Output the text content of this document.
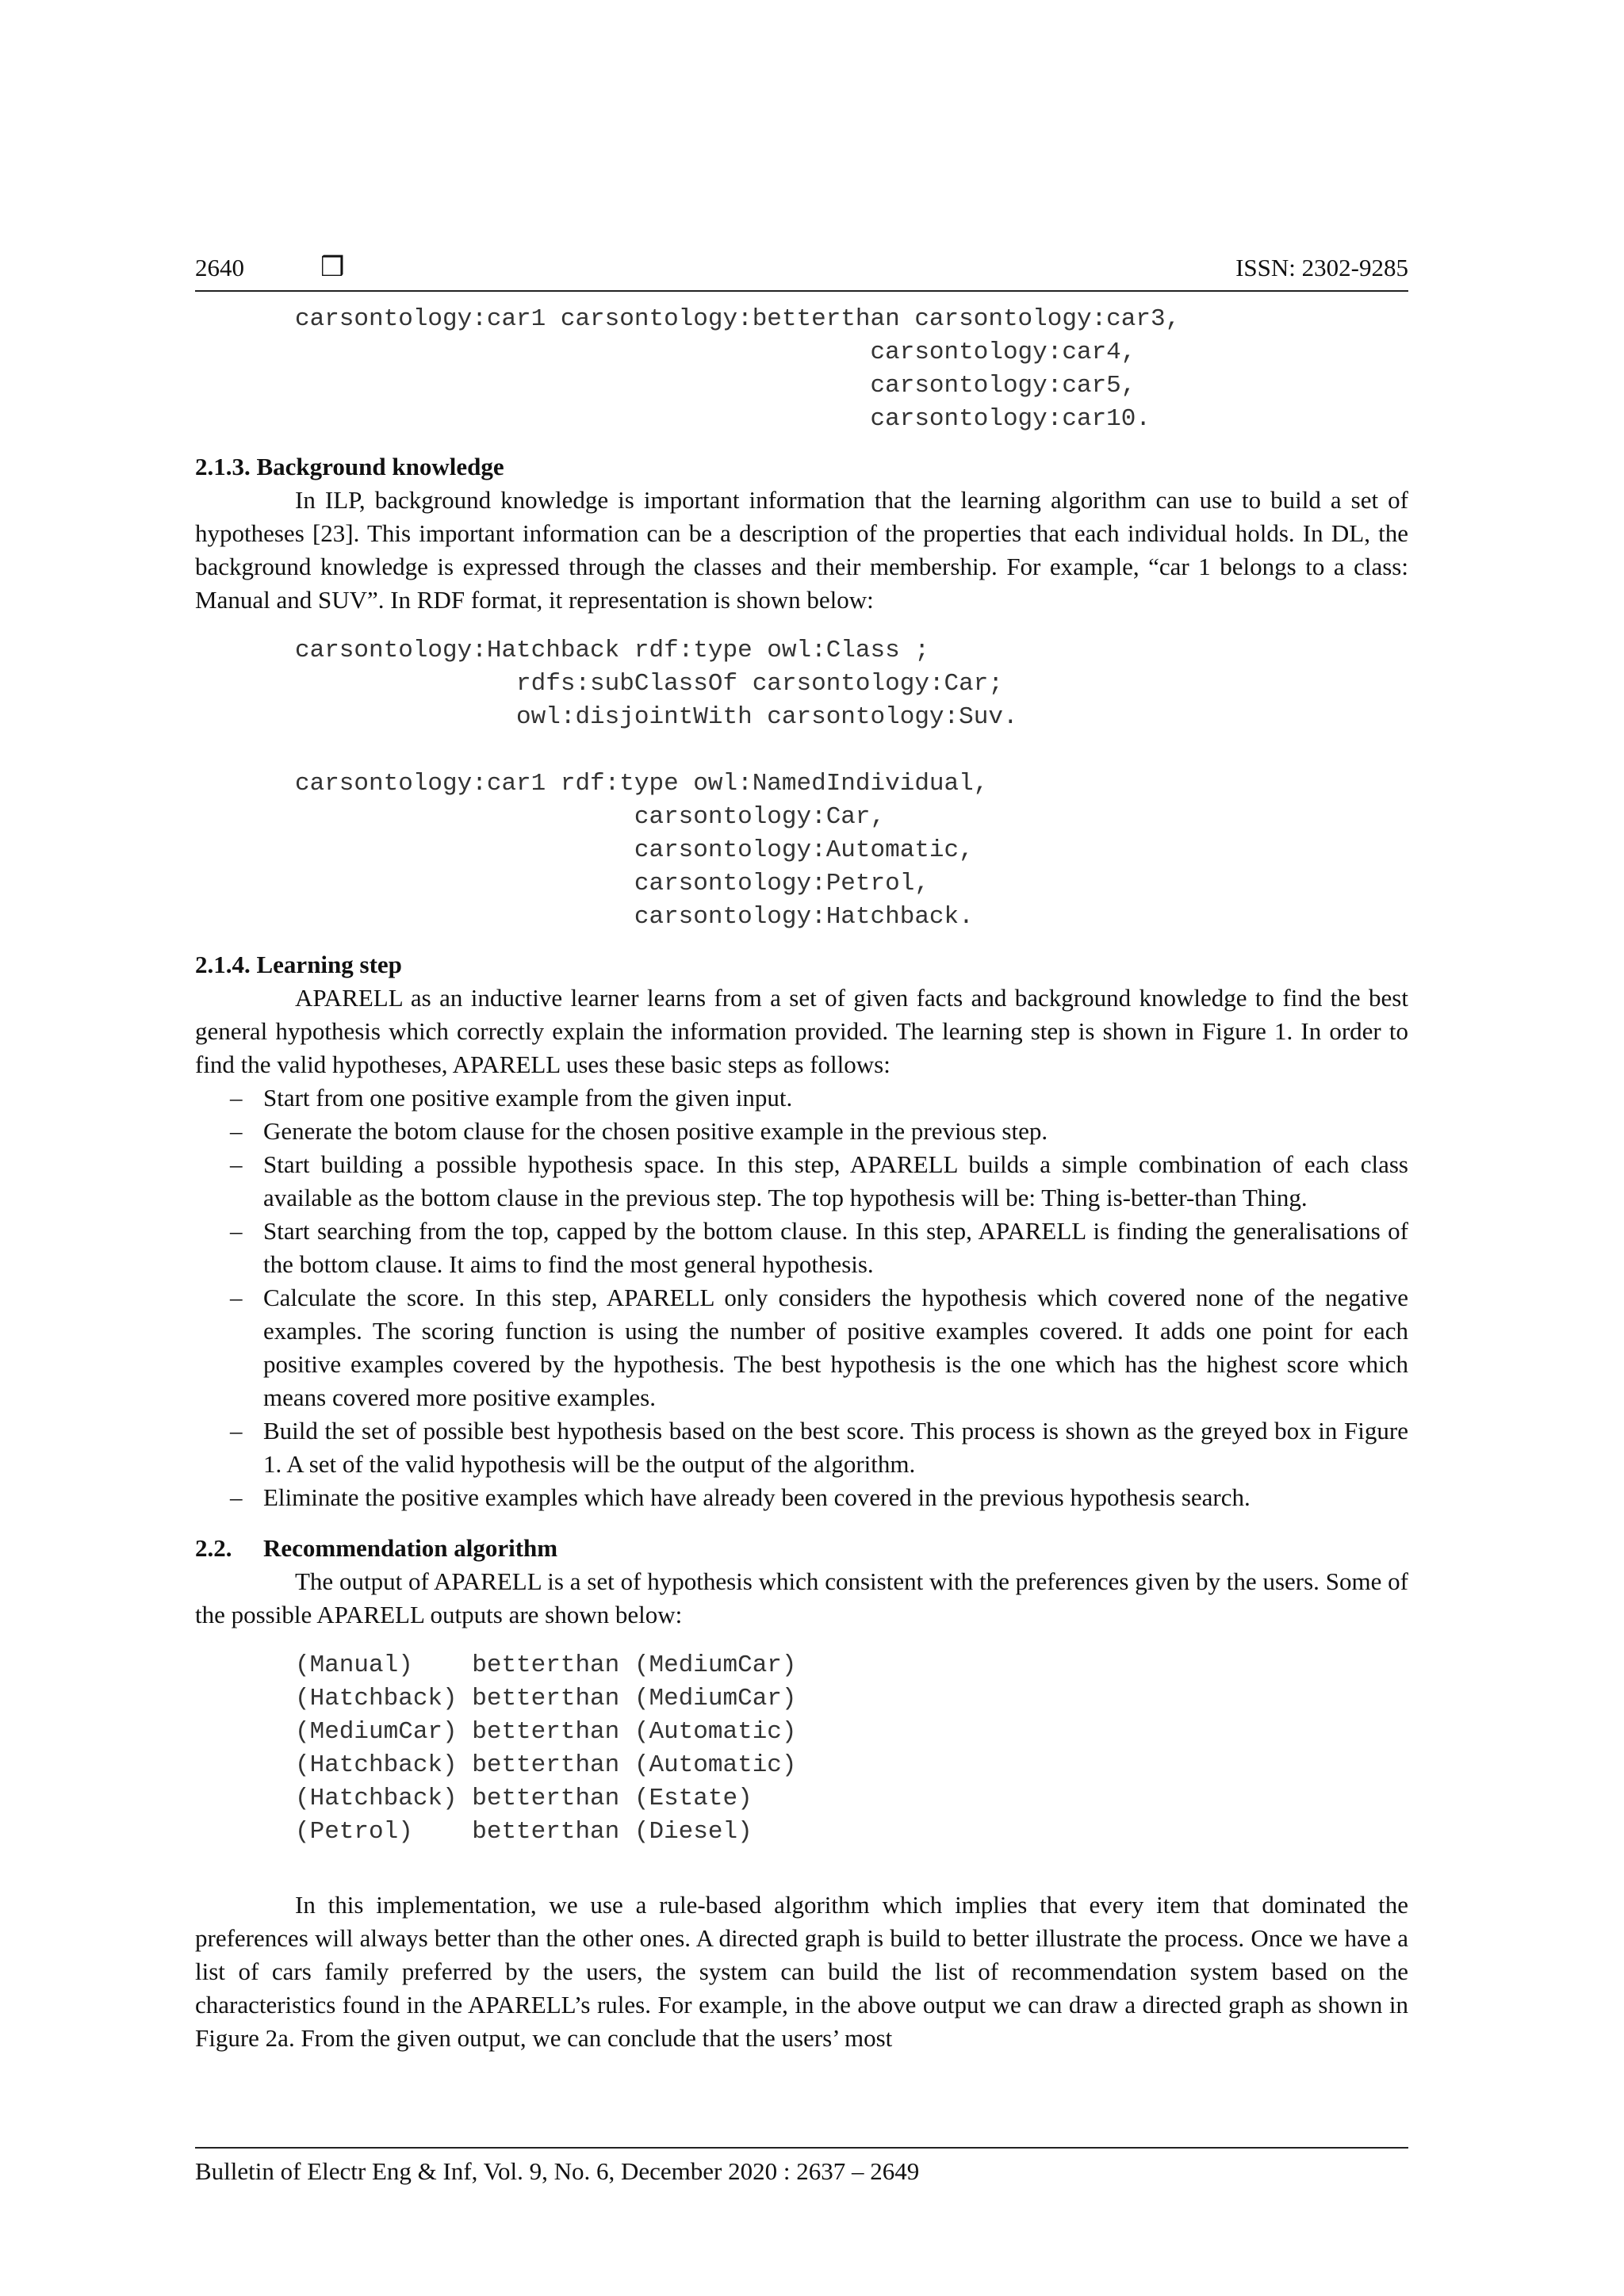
2640	❒	ISSN: 2302-9285
carsontology:car1 carsontology:betterthan carsontology:car3,
carsontology:car4,
carsontology:car5,
carsontology:car10.
2.1.3. Background knowledge

In ILP, background knowledge is important information that the learning algorithm can use to build a set of hypotheses [23]. This important information can be a description of the properties that each individual holds. In DL, the background knowledge is expressed through the classes and their membership. For example, “car 1 belongs to a class: Manual and SUV”. In RDF format, it representation is shown below:

carsontology:Hatchback rdf:type owl:Class ;
rdfs:subClassOf carsontology:Car;
owl:disjointWith carsontology:Suv.
carsontology:car1 rdf:type owl:NamedIndividual,
carsontology:Car,
carsontology:Automatic,
carsontology:Petrol,
carsontology:Hatchback.
2.1.4. Learning step

APARELL as an inductive learner learns from a set of given facts and background knowledge to find the best general hypothesis which correctly explain the information provided. The learning step is shown in Figure 1. In order to find the valid hypotheses, APARELL uses these basic steps as follows:

– Start from one positive example from the given input.
– Generate the botom clause for the chosen positive example in the previous step.
– Start building a possible hypothesis space. In this step, APARELL builds a simple combination of each class available as the bottom clause in the previous step. The top hypothesis will be: Thing is-better-than Thing.
– Start searching from the top, capped by the bottom clause. In this step, APARELL is finding the generalisations of the bottom clause. It aims to find the most general hypothesis.
– Calculate the score. In this step, APARELL only considers the hypothesis which covered none of the negative examples. The scoring function is using the number of positive examples covered. It adds one point for each positive examples covered by the hypothesis. The best hypothesis is the one which has the highest score which means covered more positive examples.
– Build the set of possible best hypothesis based on the best score. This process is shown as the greyed box in Figure 1. A set of the valid hypothesis will be the output of the algorithm.
– Eliminate the positive examples which have already been covered in the previous hypothesis search.
2.2. Recommendation algorithm

The output of APARELL is a set of hypothesis which consistent with the preferences given by the users. Some of the possible APARELL outputs are shown below:

(Manual)    betterthan (MediumCar)
(Hatchback) betterthan (MediumCar)
(MediumCar) betterthan (Automatic)
(Hatchback) betterthan (Automatic)
(Hatchback) betterthan (Estate)
(Petrol)    betterthan (Diesel)

In this implementation, we use a rule-based algorithm which implies that every item that dominated the preferences will always better than the other ones. A directed graph is build to better illustrate the process. Once we have a list of cars family preferred by the users, the system can build the list of recommendation system based on the characteristics found in the APARELL’s rules. For example, in the above output we can draw a directed graph as shown in Figure 2a. From the given output, we can conclude that the users’ most

Bulletin of Electr Eng & Inf, Vol. 9, No. 6, December 2020 : 2637 – 2649
